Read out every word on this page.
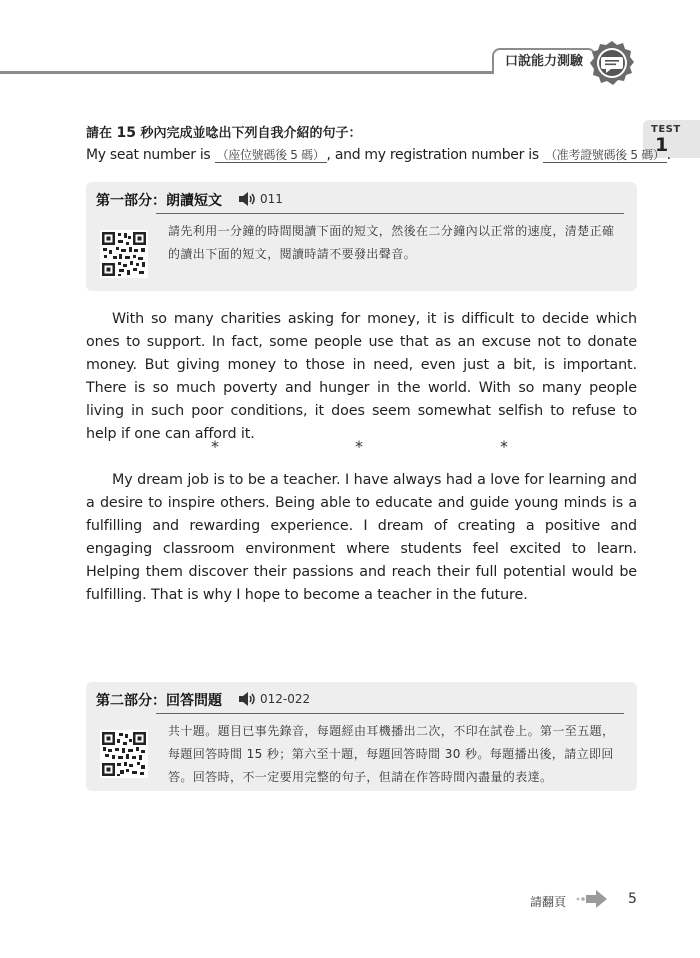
口說能力測驗
TEST
1
請在 15 秒內完成並唸出下列自我介紹的句子：
My seat number is （座位號碼後 5 碼） , and my registration number is （准考證號碼後 5 碼） .
第一部分：朗讀短文	011
請先利用一分鐘的時間閱讀下面的短文，然後在二分鐘內以正常的速度，清楚正確的讀出下面的短文，閱讀時請不要發出聲音。
With so many charities asking for money, it is difficult to decide which ones to support. In fact, some people use that as an excuse not to donate money. But giving money to those in need, even just a bit, is important. There is so much poverty and hunger in the world. With so many people living in such poor conditions, it does seem somewhat selfish to refuse to help if one can afford it.
*	*	*
My dream job is to be a teacher. I have always had a love for learning and a desire to inspire others. Being able to educate and guide young minds is a fulfilling and rewarding experience. I dream of creating a positive and engaging classroom environment where students feel excited to learn. Helping them discover their passions and reach their full potential would be fulfilling. That is why I hope to become a teacher in the future.
第二部分：回答問題	012-022
共十題。題目已事先錄音，每題經由耳機播出二次，不印在試卷上。第一至五題，每題回答時間 15 秒；第六至十題，每題回答時間 30 秒。每題播出後，請立即回答。回答時，不一定要用完整的句子，但請在作答時間內盡量的表達。
請翻頁	5
